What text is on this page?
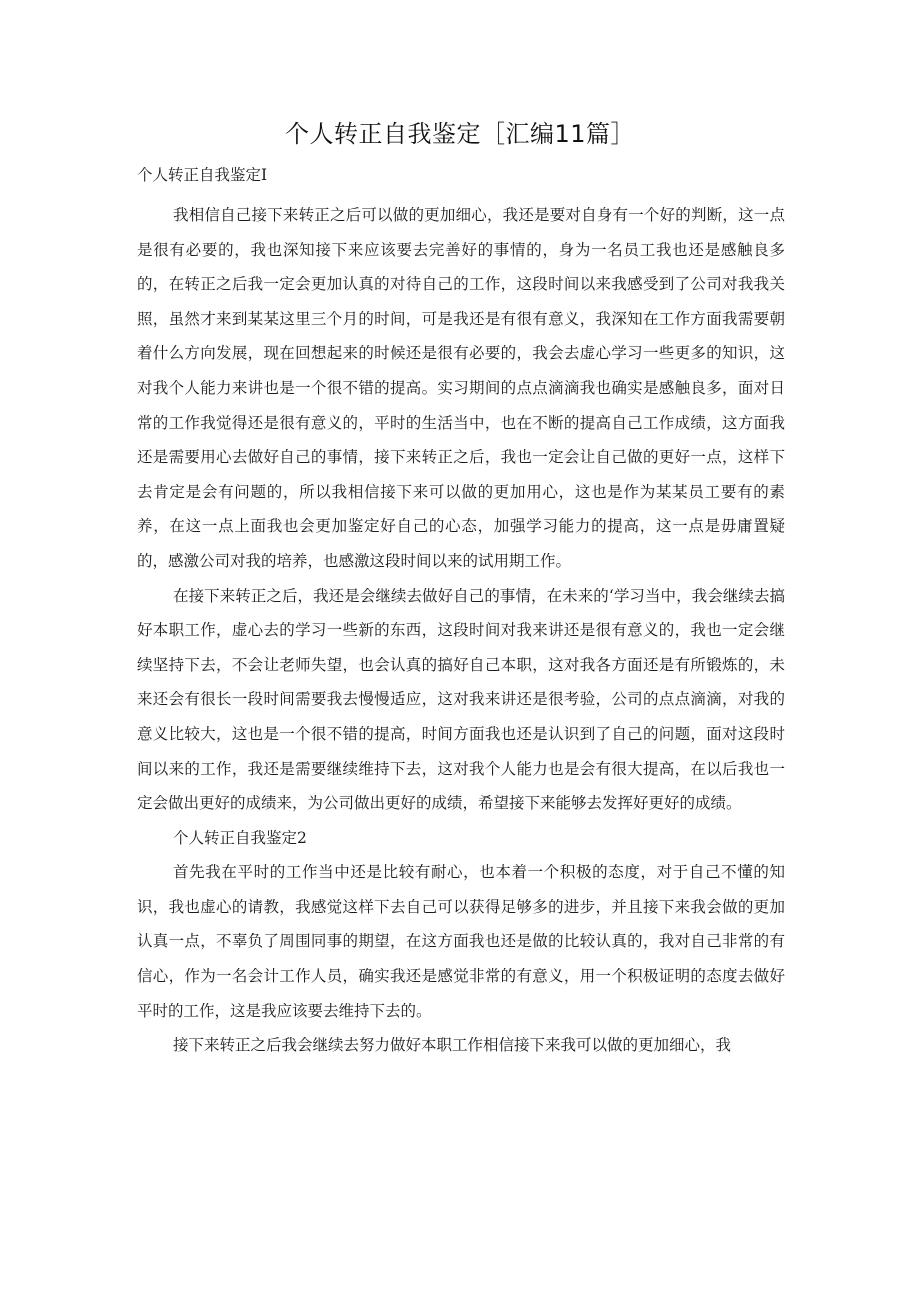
个人转正自我鉴定［汇编11篇］

个人转正自我鉴定I

我相信自己接下来转正之后可以做的更加细心，我还是要对自身有一个好的判断，这一点是很有必要的，我也深知接下来应该要去完善好的事情的，身为一名员工我也还是感触良多的，在转正之后我一定会更加认真的对待自己的工作，这段时间以来我感受到了公司对我我关照，虽然才来到某某这里三个月的时间，可是我还是有很有意义，我深知在工作方面我需要朝着什么方向发展，现在回想起来的时候还是很有必要的，我会去虚心学习一些更多的知识，这对我个人能力来讲也是一个很不错的提高。实习期间的点点滴滴我也确实是感触良多，面对日常的工作我觉得还是很有意义的，平时的生活当中，也在不断的提高自己工作成绩，这方面我还是需要用心去做好自己的事情，接下来转正之后，我也一定会让自己做的更好一点，这样下去肯定是会有问题的，所以我相信接下来可以做的更加用心，这也是作为某某员工要有的素养，在这一点上面我也会更加鉴定好自己的心态，加强学习能力的提高，这一点是毋庸置疑的，感激公司对我的培养，也感激这段时间以来的试用期工作。

在接下来转正之后，我还是会继续去做好自己的事情，在未来的‘学习当中，我会继续去搞好本职工作，虚心去的学习一些新的东西，这段时间对我来讲还是很有意义的，我也一定会继续坚持下去，不会让老师失望，也会认真的搞好自己本职，这对我各方面还是有所锻炼的，未来还会有很长一段时间需要我去慢慢适应，这对我来讲还是很考验，公司的点点滴滴，对我的意义比较大，这也是一个很不错的提高，时间方面我也还是认识到了自己的问题，面对这段时间以来的工作，我还是需要继续维持下去，这对我个人能力也是会有很大提高，在以后我也一定会做出更好的成绩来，为公司做出更好的成绩，希望接下来能够去发挥好更好的成绩。

个人转正自我鉴定2

首先我在平时的工作当中还是比较有耐心，也本着一个积极的态度，对于自己不懂的知识，我也虚心的请教，我感觉这样下去自己可以获得足够多的进步，并且接下来我会做的更加认真一点，不辜负了周围同事的期望，在这方面我也还是做的比较认真的，我对自己非常的有信心，作为一名会计工作人员，确实我还是感觉非常的有意义，用一个积极证明的态度去做好平时的工作，这是我应该要去维持下去的。

接下来转正之后我会继续去努力做好本职工作相信接下来我可以做的更加细心，我
